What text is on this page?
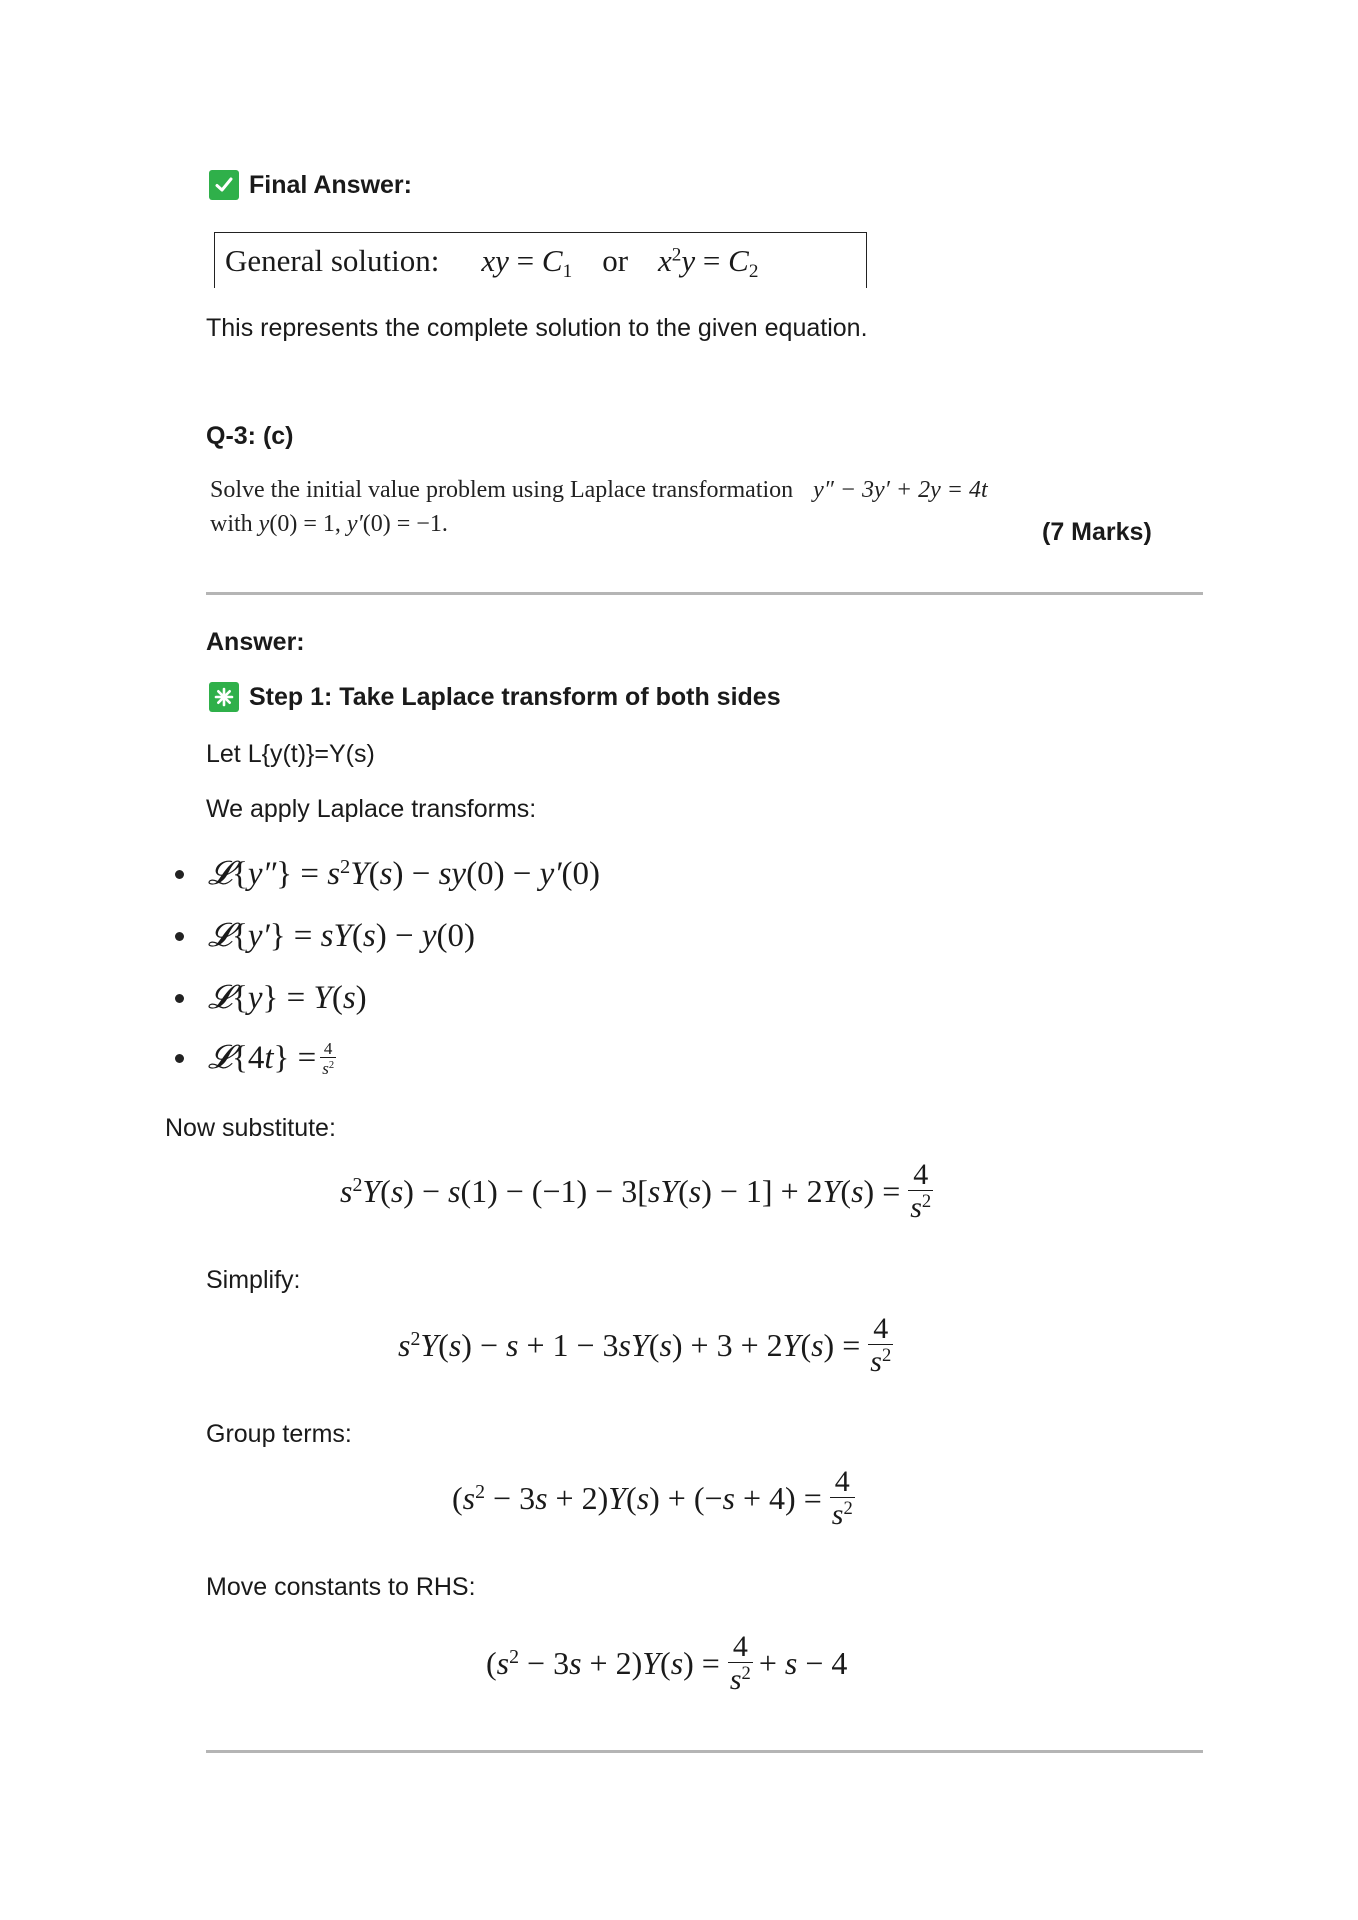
Final Answer:
General solution: xy = $C_1$ or $x^2y = C_2$
This represents the complete solution to the given equation.
Q-3: (c)
Solve the initial value problem using Laplace transformation y″ − 3y′ + 2y = 4t
with y(0) = 1, y′(0) = −1.	(7 Marks)
Answer:
Step 1: Take Laplace transform of both sides
Let L{y(t)}=Y(s)
We apply Laplace transforms:
𝓛{y″} = $s^2Y(s) - sy(0) - y'(0)$
𝓛{y′} = sY(s) − y(0)
𝓛{y} = Y(s)
𝓛 {4 t } = $\frac{4}{s^2}$
Now substitute:
$s^2Y(s) - s(1) - (-1) - 3[sY(s) - 1] + 2Y(s) = \frac{4}{s^2}$
Simplify:
$s^2Y(s) - s + 1 - 3sY(s) + 3 + 2Y(s) = \frac{4}{s^2}$
Group terms:
$(s^2 - 3s + 2)Y(s) + (-s + 4) = \frac{4}{s^2}$
Move constants to RHS:
$(s^2 - 3s + 2)Y(s) = \frac{4}{s^2} + s - 4$
